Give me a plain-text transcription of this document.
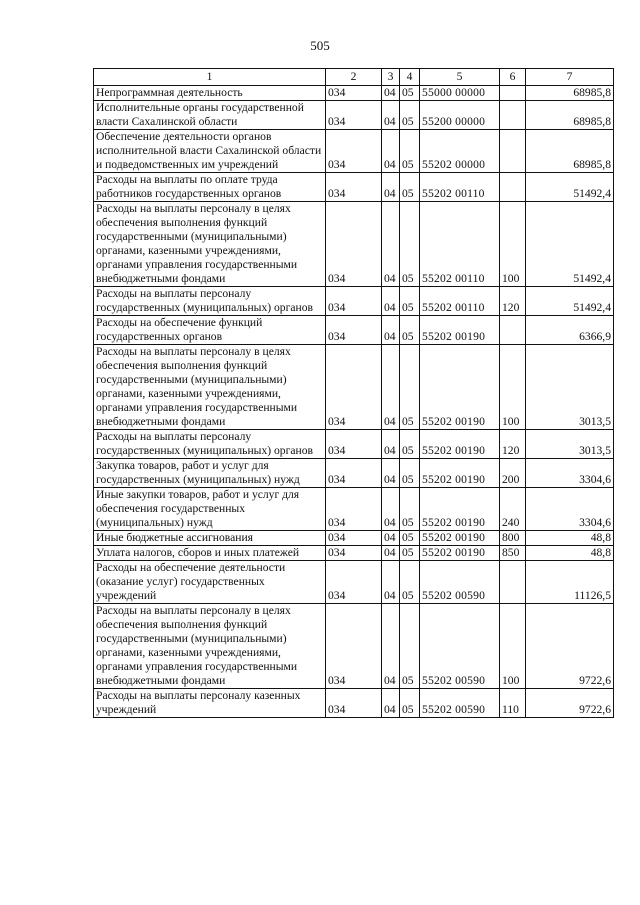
505
1	2	3	4	5	6	7
Непрограммная деятельность	034	04	05	55000 00000		68985,8
Исполнительные органы государственной власти Сахалинской области	034	04	05	55200 00000		68985,8
Обеспечение деятельности органов исполнительной власти Сахалинской области и подведомственных им учреждений	034	04	05	55202 00000		68985,8
Расходы на выплаты по оплате труда работников государственных органов	034	04	05	55202 00110		51492,4
Расходы на выплаты персоналу в целях обеспечения выполнения функций государственными (муниципальными) органами, казенными учреждениями, органами управления государственными внебюджетными фондами	034	04	05	55202 00110	100	51492,4
Расходы на выплаты персоналу государственных (муниципальных) органов	034	04	05	55202 00110	120	51492,4
Расходы на обеспечение функций государственных органов	034	04	05	55202 00190		6366,9
Расходы на выплаты персоналу в целях обеспечения выполнения функций государственными (муниципальными) органами, казенными учреждениями, органами управления государственными внебюджетными фондами	034	04	05	55202 00190	100	3013,5
Расходы на выплаты персоналу государственных (муниципальных) органов	034	04	05	55202 00190	120	3013,5
Закупка товаров, работ и услуг для государственных (муниципальных) нужд	034	04	05	55202 00190	200	3304,6
Иные закупки товаров, работ и услуг для обеспечения государственных (муниципальных) нужд	034	04	05	55202 00190	240	3304,6
Иные бюджетные ассигнования	034	04	05	55202 00190	800	48,8
Уплата налогов, сборов и иных платежей	034	04	05	55202 00190	850	48,8
Расходы на обеспечение деятельности (оказание услуг) государственных учреждений	034	04	05	55202 00590		11126,5
Расходы на выплаты персоналу в целях обеспечения выполнения функций государственными (муниципальными) органами, казенными учреждениями, органами управления государственными внебюджетными фондами	034	04	05	55202 00590	100	9722,6
Расходы на выплаты персоналу казенных учреждений	034	04	05	55202 00590	110	9722,6
